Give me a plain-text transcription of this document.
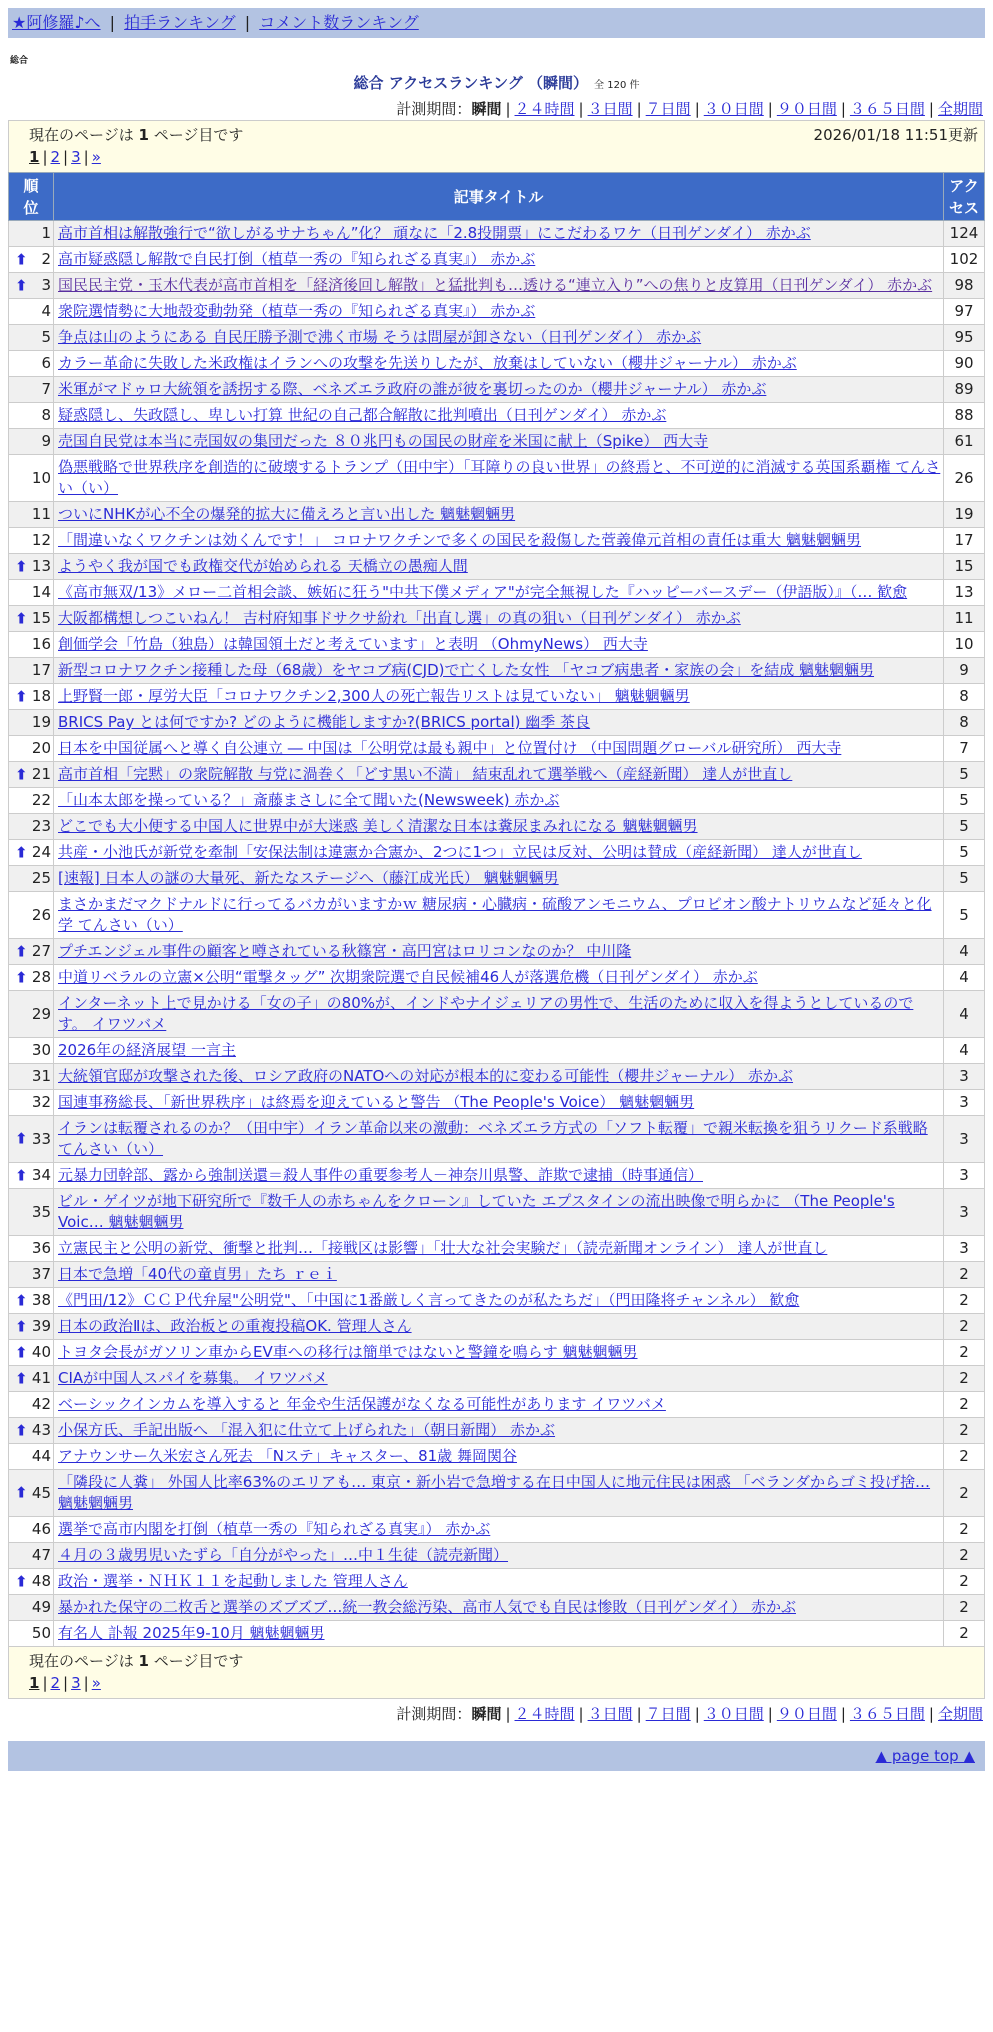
★阿修羅♪へ | 拍手ランキング | コメント数ランキング
総合
総合 アクセスランキング （瞬間） 全 120 件
計測期間：瞬間 | ２４時間 | ３日間 | ７日間 | ３０日間 | ９０日間 | ３６５日間 | 全期間
現在のページは 1 ページ目です	2026/01/18 11:51更新
1 | 2 | 3 | »
順位	記事タイトル	アクセス

1	高市首相は解散強行で“欲しがるサナちゃん”化？ 頑なに「2.8投開票」にこだわるワケ（日刊ゲンダイ） 赤かぶ	124

⬆ 2	高市疑惑隠し解散で自民打倒（植草一秀の『知られざる真実』） 赤かぶ	102

⬆ 3	国民民主党・玉木代表が高市首相を「経済後回し解散」と猛批判も…透ける“連立入り”への焦りと皮算用（日刊ゲンダイ） 赤かぶ	98
4	衆院選情勢に大地殻変動勃発（植草一秀の『知られざる真実』） 赤かぶ	97
5	争点は山のようにある 自民圧勝予測で沸く市場 そうは問屋が卸さない（日刊ゲンダイ） 赤かぶ	95
6	カラー革命に失敗した米政権はイランへの攻撃を先送りしたが、放棄はしていない（櫻井ジャーナル） 赤かぶ	90
7	米軍がマドゥロ大統領を誘拐する際、ベネズエラ政府の誰が彼を裏切ったのか（櫻井ジャーナル） 赤かぶ	89
8	疑惑隠し、失政隠し、卑しい打算 世紀の自己都合解散に批判噴出（日刊ゲンダイ） 赤かぶ	88
9	売国自民党は本当に売国奴の集団だった ８０兆円もの国民の財産を米国に献上（Spike） 西大寺	61
10	偽悪戦略で世界秩序を創造的に破壊するトランプ（田中宇）「耳障りの良い世界」の終焉と、不可逆的に消滅する英国系覇権 てんさい（い）	26
11	ついにNHKが心不全の爆発的拡大に備えろと言い出した 魑魅魍魎男	19
12	「間違いなくワクチンは効くんです！」 コロナワクチンで多くの国民を殺傷した菅義偉元首相の責任は重大 魑魅魍魎男	17

⬆ 13	ようやく我が国でも政権交代が始められる 天橋立の愚痴人間	15
14	《高市無双/13》メロー二首相会談、嫉妬に狂う"中共下僕メディア"が完全無視した『ハッピーバースデー（伊語版）』（… 歓愈	13

⬆ 15	大阪都構想しつこいねん！ 吉村府知事ドサクサ紛れ「出直し選」の真の狙い（日刊ゲンダイ） 赤かぶ	11
16	創価学会「竹島（独島）は韓国領土だと考えています」と表明 （OhmyNews） 西大寺	10
17	新型コロナワクチン接種した母（68歳）をヤコブ病(CJD)で亡くした女性 「ヤコブ病患者・家族の会」を結成 魑魅魍魎男	9

⬆ 18	上野賢一郎・厚労大臣「コロナワクチン2,300人の死亡報告リストは見ていない」 魑魅魍魎男	8
19	BRICS Pay とは何ですか? どのように機能しますか?(BRICS portal) 幽季 茶良	8
20	日本を中国従属へと導く自公連立 ― 中国は「公明党は最も親中」と位置付け （中国問題グローバル研究所） 西大寺	7

⬆ 21	高市首相「完黙」の衆院解散 与党に渦巻く「どす黒い不満」 結束乱れて選挙戦へ（産経新聞） 達人が世直し	5
22	「山本太郎を操っている？」斎藤まさしに全て聞いた(Newsweek) 赤かぶ	5
23	どこでも大小便する中国人に世界中が大迷惑 美しく清潔な日本は糞尿まみれになる 魑魅魍魎男	5

⬆ 24	共産・小池氏が新党を牽制「安保法制は違憲か合憲か、2つに1つ」立民は反対、公明は賛成（産経新聞） 達人が世直し	5
25	[速報] 日本人の謎の大量死、新たなステージへ（藤江成光氏） 魑魅魍魎男	5
26	まさかまだマクドナルドに行ってるバカがいますかｗ 糖尿病・心臓病・硫酸アンモニウム、プロピオン酸ナトリウムなど延々と化学 てんさい（い）	5

⬆ 27	プチエンジェル事件の顧客と噂されている秋篠宮・高円宮はロリコンなのか？ 中川隆	4

⬆ 28	中道リベラルの立憲×公明“電撃タッグ” 次期衆院選で自民候補46人が落選危機（日刊ゲンダイ） 赤かぶ	4
29	インターネット上で見かける「女の子」の80%が、インドやナイジェリアの男性で、生活のために収入を得ようとしているのです。 イワツバメ	4
30	2026年の経済展望 一言主	4
31	大統領官邸が攻撃された後、ロシア政府のNATOへの対応が根本的に変わる可能性（櫻井ジャーナル） 赤かぶ	3
32	国連事務総長、「新世界秩序」は終焉を迎えていると警告 （The People's Voice） 魑魅魍魎男	3

⬆ 33	イランは転覆されるのか？（田中宇）イラン革命以来の激動：ベネズエラ方式の「ソフト転覆」で親米転換を狙うリクード系戦略 てんさい（い）	3

⬆ 34	元暴力団幹部、露から強制送還＝殺人事件の重要参考人－神奈川県警、詐欺で逮捕（時事通信）	3
35	ビル・ゲイツが地下研究所で『数千人の赤ちゃんをクローン』していた エプスタインの流出映像で明らかに （The People's Voic… 魑魅魍魎男	3
36	立憲民主と公明の新党、衝撃と批判…「接戦区は影響」「壮大な社会実験だ」（読売新聞オンライン） 達人が世直し	3
37	日本で急増「40代の童貞男」たち ｒｅｉ	2

⬆ 38	《門田/12》ＣＣＰ代弁屋"公明党"、「中国に1番厳しく言ってきたのが私たちだ」（門田隆将チャンネル） 歓愈	2

⬆ 39	日本の政治Ⅱは、政治板との重複投稿OK. 管理人さん	2

⬆ 40	トヨタ会長がガソリン車からEV車への移行は簡単ではないと警鐘を鳴らす 魑魅魍魎男	2

⬆ 41	CIAが中国人スパイを募集。 イワツバメ	2
42	ベーシックインカムを導入すると 年金や生活保護がなくなる可能性があります イワツバメ	2

⬆ 43	小保方氏、手記出版へ 「混入犯に仕立て上げられた」（朝日新聞） 赤かぶ	2
44	アナウンサー久米宏さん死去 「Nステ」キャスター、81歳 舞岡関谷	2

⬆ 45	「隣段に人糞」 外国人比率63%のエリアも… 東京・新小岩で急増する在日中国人に地元住民は困惑 「ベランダからゴミ投げ捨… 魑魅魍魎男	2
46	選挙で高市内閣を打倒（植草一秀の『知られざる真実』） 赤かぶ	2
47	４月の３歳男児いたずら「自分がやった」…中１生徒（読売新聞）	2

⬆ 48	政治・選挙・ＮＨＫ１１を起動しました 管理人さん	2
49	暴かれた保守の二枚舌と選挙のズブズブ…統一教会総汚染、高市人気でも自民は惨敗（日刊ゲンダイ） 赤かぶ	2
50	有名人 訃報 2025年9-10月 魑魅魍魎男	2
現在のページは 1 ページ目です
1 | 2 | 3 | »
計測期間：瞬間 | ２４時間 | ３日間 | ７日間 | ３０日間 | ９０日間 | ３６５日間 | 全期間
▲ page top ▲
